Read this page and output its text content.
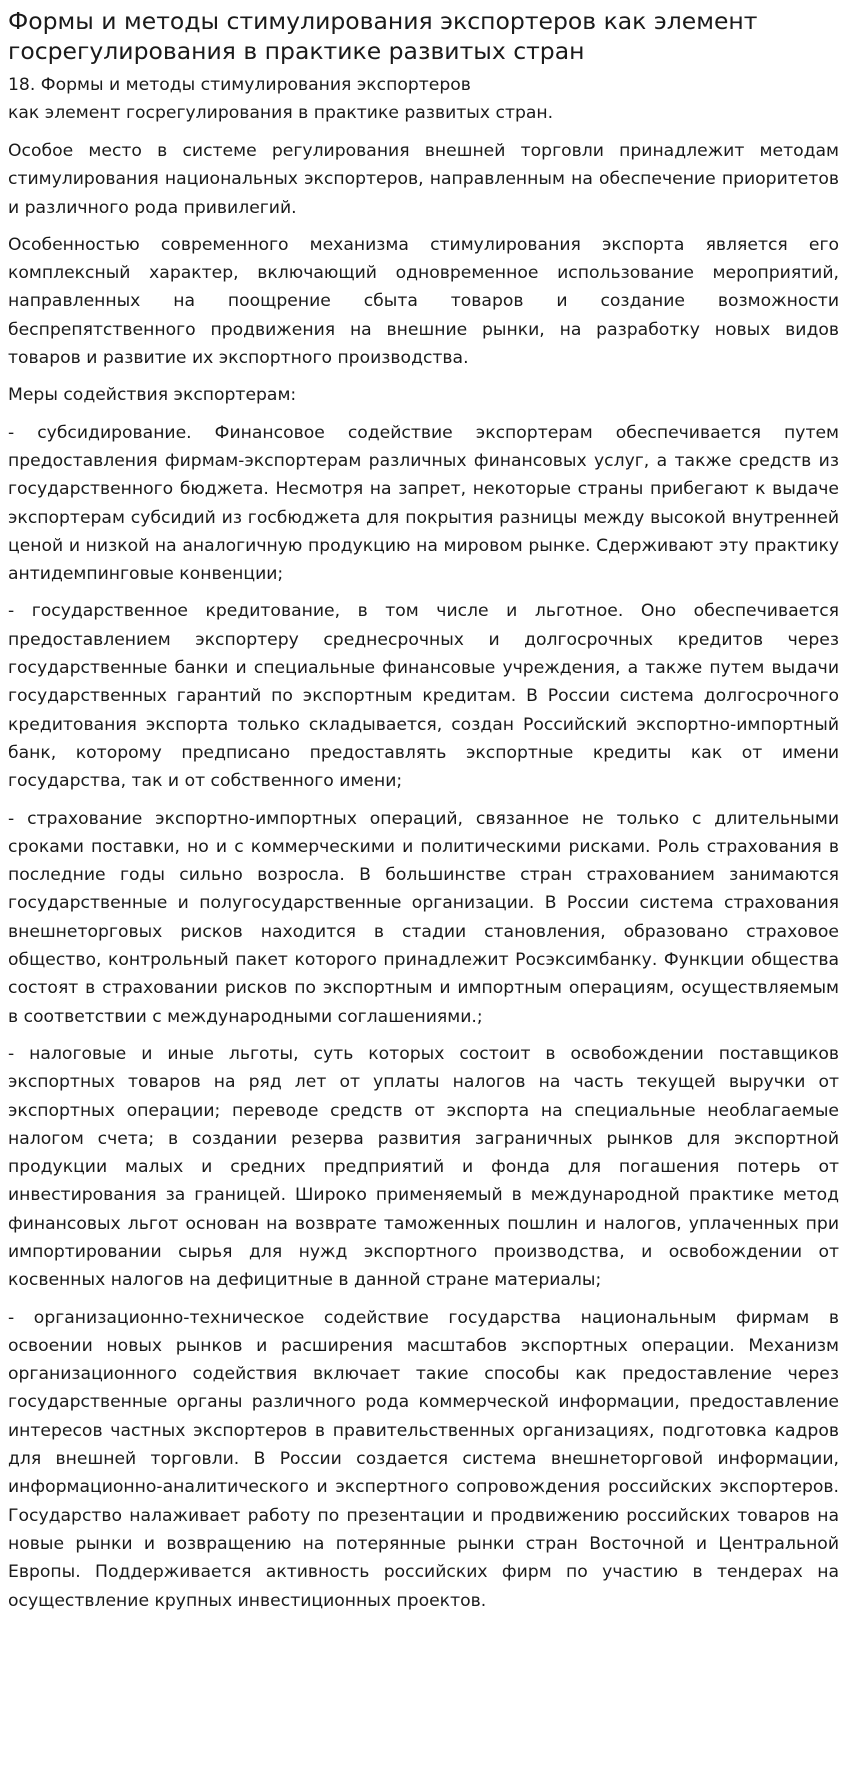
Формы и методы стимулирования экспортеров как элемент госрегулирования в практике развитых стран
18. Формы и методы стимулирования экспортеров
как элемент госрегулирования в практике развитых стран.

Особое место в системе регулирования внешней торговли принадлежит методам стимулирования национальных экспортеров, направленным на обеспечение приоритетов и различного рода привилегий.

Особенностью современного механизма стимулирования экспорта является его комплексный характер, включающий одновременное использование мероприятий, направленных на поощрение сбыта товаров и создание возможности беспрепятственного продвижения на внешние рынки, на разработку новых видов товаров и развитие их экспортного производства.

Меры содействия экспортерам:

- субсидирование. Финансовое содействие экспортерам обеспечивается путем предоставления фирмам-экспортерам различных финансовых услуг, а также средств из государственного бюджета. Несмотря на запрет, некоторые страны прибегают к выдаче экспортерам субсидий из госбюджета для покрытия разницы между высокой внутренней ценой и низкой на аналогичную продукцию на мировом рынке. Сдерживают эту практику антидемпинговые конвенции;

- государственное кредитование, в том числе и льготное. Оно обеспечивается предоставлением экспортеру среднесрочных и долгосрочных кредитов через государственные банки и специальные финансовые учреждения, а также путем выдачи государственных гарантий по экспортным кредитам. В России система долгосрочного кредитования экспорта только складывается, создан Российский экспортно-импортный банк, которому предписано предоставлять экспортные кредиты как от имени государства, так и от собственного имени;

- страхование экспортно-импортных операций, связанное не только с длительными сроками поставки, но и с коммерческими и политическими рисками. Роль страхования в последние годы сильно возросла. В большинстве стран страхованием занимаются государственные и полугосударственные организации. В России система страхования внешнеторговых рисков находится в стадии становления, образовано страховое общество, контрольный пакет которого принадлежит Росэксимбанку. Функции общества состоят в страховании рисков по экспортным и импортным операциям, осуществляемым в соответствии с международными соглашениями.;

- налоговые и иные льготы, суть которых состоит в освобождении поставщиков экспортных товаров на ряд лет от уплаты налогов на часть текущей выручки от экспортных операции; переводе средств от экспорта на специальные необлагаемые налогом счета; в создании резерва развития заграничных рынков для экспортной продукции малых и средних предприятий и фонда для погашения потерь от инвестирования за границей. Широко применяемый в международной практике метод финансовых льгот основан на возврате таможенных пошлин и налогов, уплаченных при импортировании сырья для нужд экспортного производства, и освобождении от косвенных налогов на дефицитные в данной стране материалы;

- организационно-техническое содействие государства национальным фирмам в освоении новых рынков и расширения масштабов экспортных операции. Механизм организационного содействия включает такие способы как предоставление через государственные органы различного рода коммерческой информации, предоставление интересов частных экспортеров в правительственных организациях, подготовка кадров для внешней торговли. В России создается система внешнеторговой информации, информационно-аналитического и экспертного сопровождения российских экспортеров. Государство налаживает работу по презентации и продвижению российских товаров на новые рынки и возвращению на потерянные рынки стран Восточной и Центральной Европы. Поддерживается активность российских фирм по участию в тендерах на осуществление крупных инвестиционных проектов.
